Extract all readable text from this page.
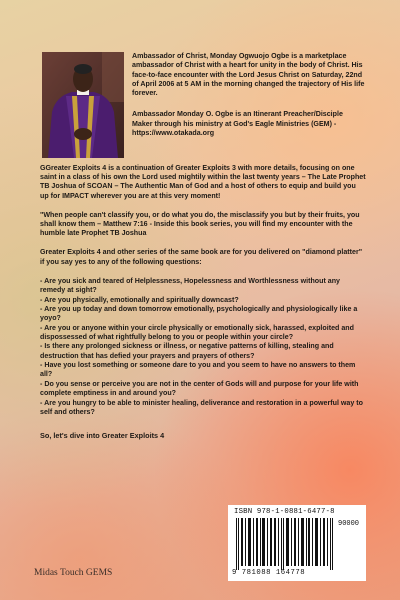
Ambassador of Christ, Monday Ogwuojo Ogbe is a marketplace ambassador of Christ with a heart for unity in the body of Christ. His face-to-face encounter with the Lord Jesus Christ on Saturday, 22nd of April 2006 at 5 AM in the morning changed the trajectory of His life forever.

Ambassador Monday O. Ogbe is an Itinerant Preacher/Disciple Maker through his ministry at God's Eagle Ministries (GEM) - https://www.otakada.org

GGreater Exploits 4 is a continuation of Greater Exploits 3 with more details, focusing on one saint in a class of his own the Lord used mightily within the last twenty years – The Late Prophet TB Joshua of SCOAN – The Authentic Man of God and a host of others to equip and build you up for IMPACT wherever you are at this very moment!

"When people can't classify you, or do what you do, the misclassify you but by their fruits, you shall know them – Matthew 7:16 - Inside this book series, you will find my encounter with the humble late Prophet TB Joshua

Greater Exploits 4 and other series of the same book are for you delivered on "diamond platter" if you say yes to any of the following questions:

- Are you sick and teared of Helplessness, Hopelessness and Worthlessness without any remedy at sight?
- Are you physically, emotionally and spiritually downcast?
- Are you up today and down tomorrow emotionally, psychologically and physiologically like a yoyo?
- Are you or anyone within your circle physically or emotionally sick, harassed, exploited and dispossessed of what rightfully belong to you or people within your circle?
- Is there any prolonged sickness or illness, or negative patterns of killing, stealing and destruction that has defied your prayers and prayers of others?
- Have you lost something or someone dare to you and you seem to have no answers to them all?
- Do you sense or perceive you are not in the center of Gods will and purpose for your life with complete emptiness in and around you?
- Are you hungry to be able to minister healing, deliverance and restoration in a powerful way to self and others?

So, let's dive into Greater Exploits 4

ISBN 978-1-0881-6477-8
90000
9 781088 164778
Midas Touch GEMS
